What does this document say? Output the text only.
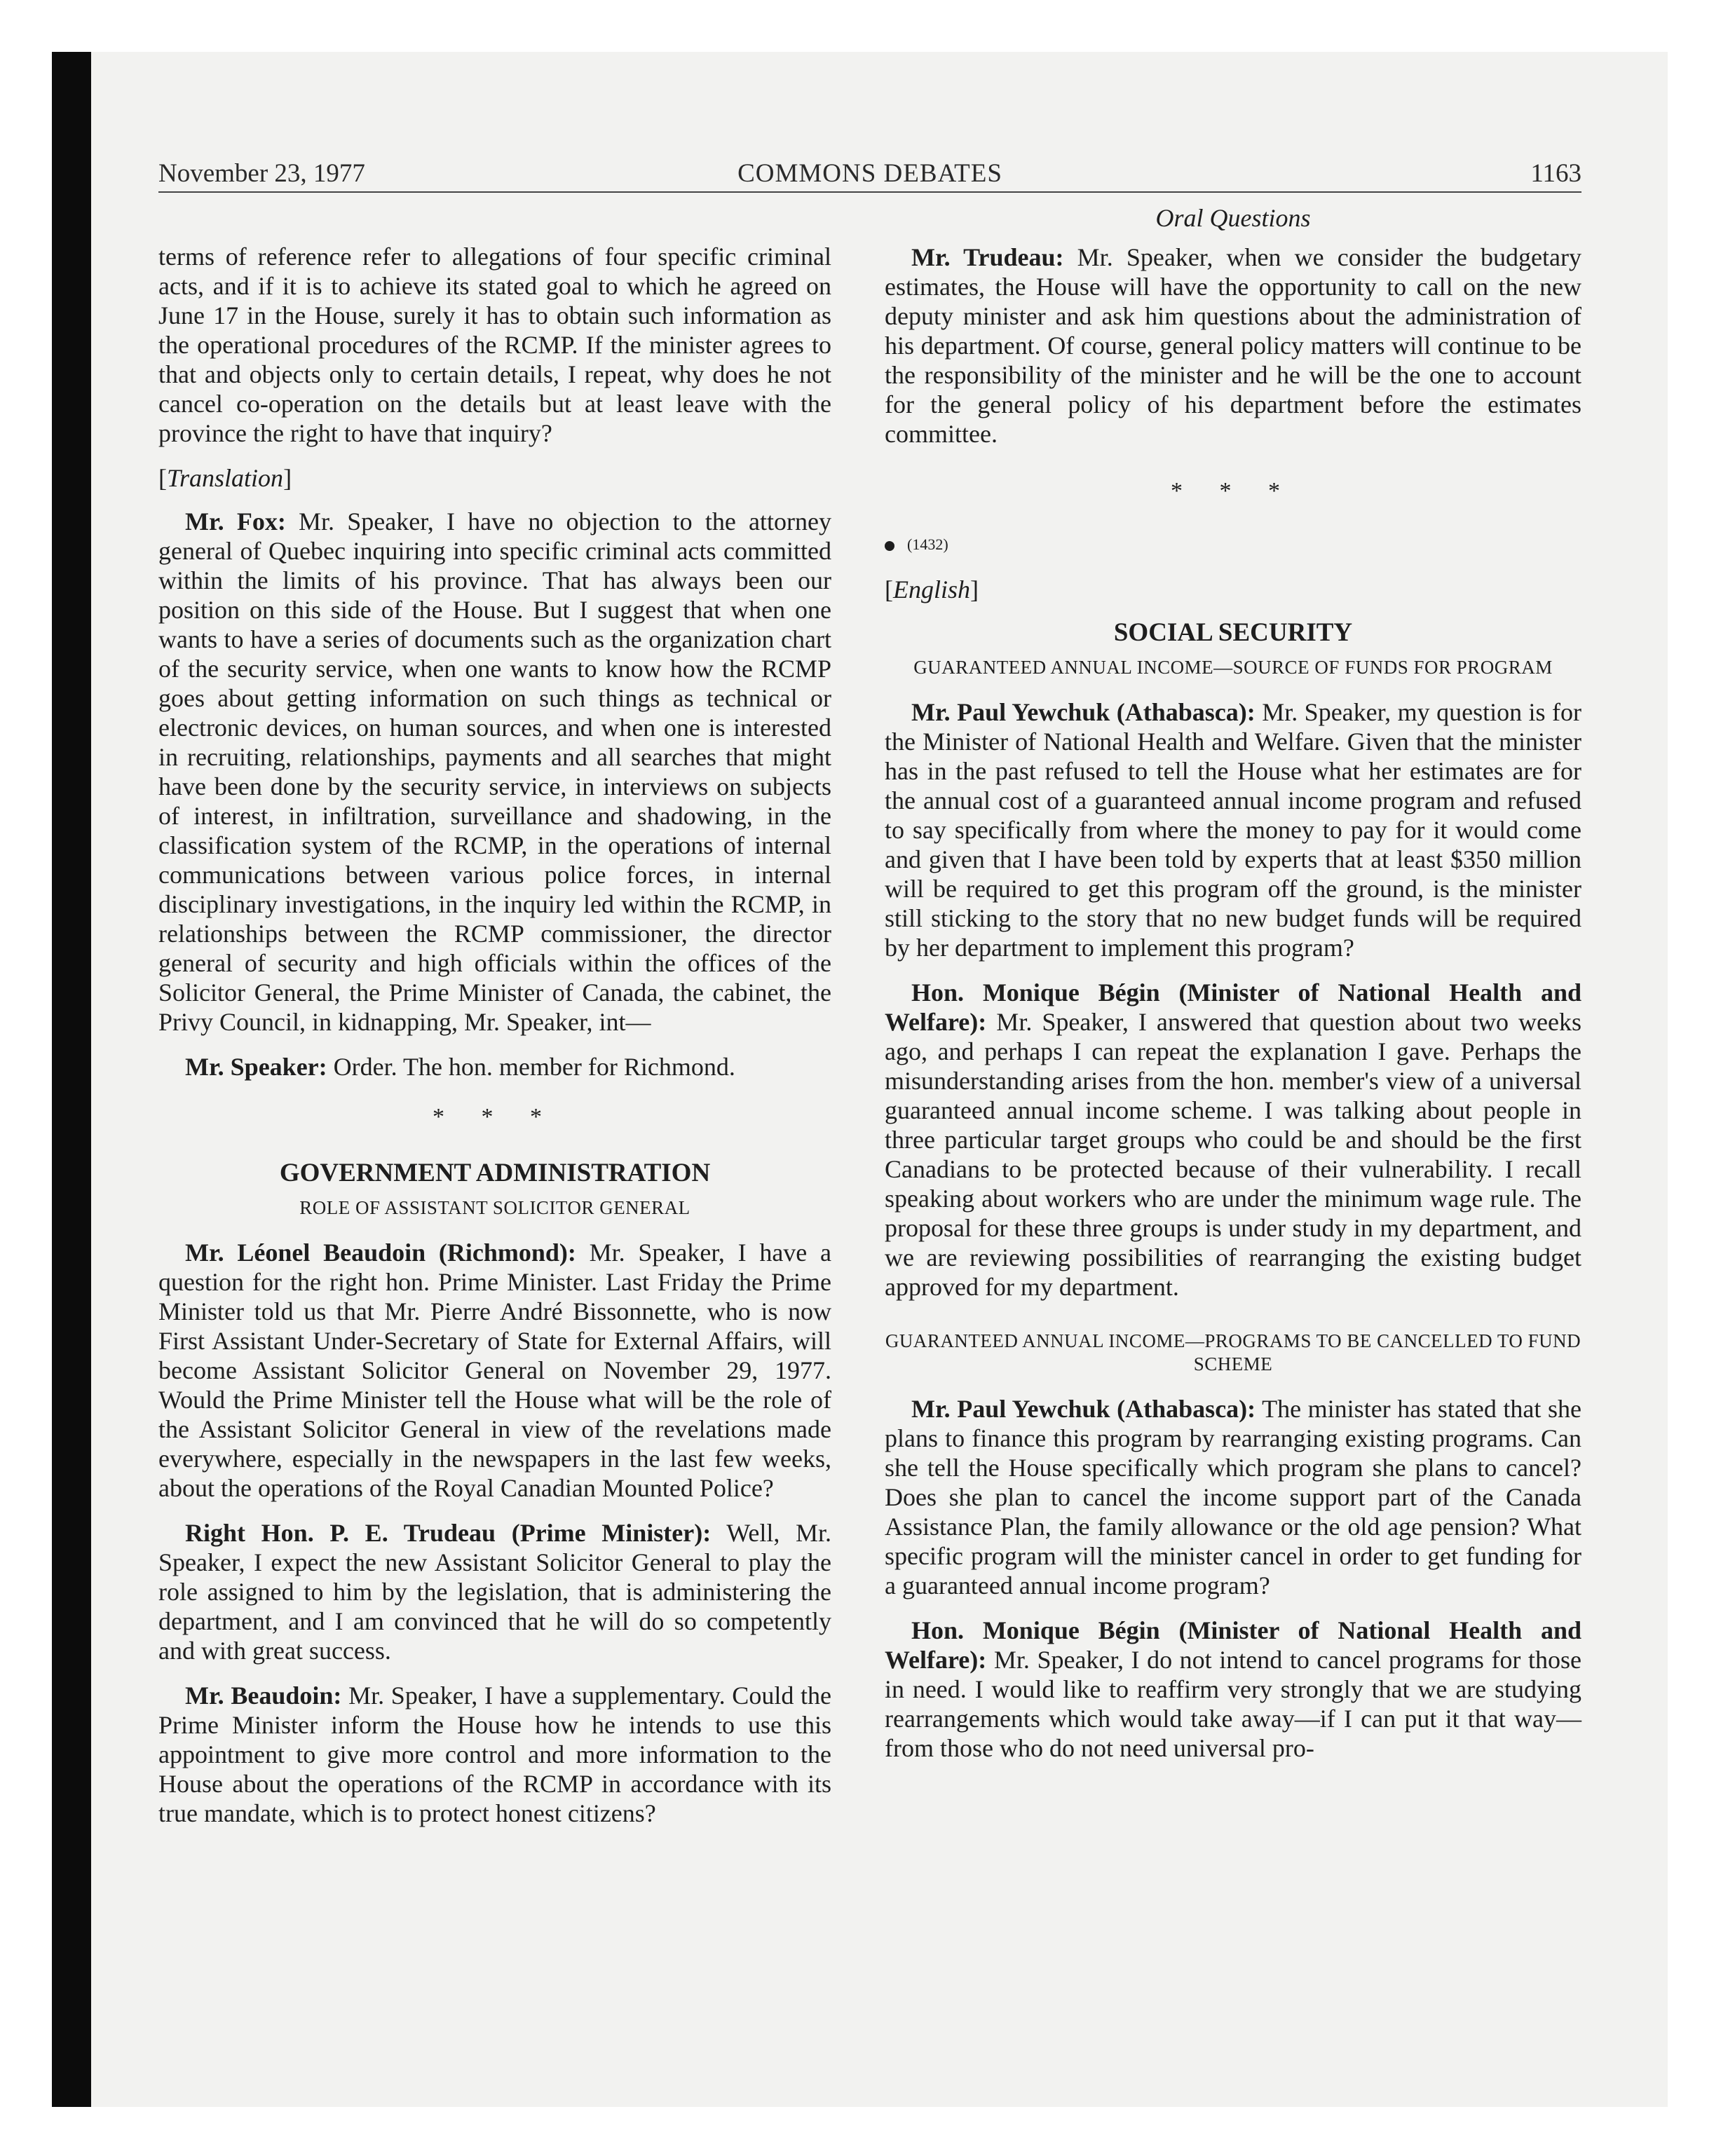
November 23, 1977	COMMONS DEBATES	1163

terms of reference refer to allegations of four specific criminal acts, and if it is to achieve its stated goal to which he agreed on June 17 in the House, surely it has to obtain such information as the operational procedures of the RCMP. If the minister agrees to that and objects only to certain details, I repeat, why does he not cancel co-operation on the details but at least leave with the province the right to have that inquiry?

[Translation]

Mr. Fox: Mr. Speaker, I have no objection to the attorney general of Quebec inquiring into specific criminal acts committed within the limits of his province. That has always been our position on this side of the House. But I suggest that when one wants to have a series of documents such as the organization chart of the security service, when one wants to know how the RCMP goes about getting information on such things as technical or electronic devices, on human sources, and when one is interested in recruiting, relationships, payments and all searches that might have been done by the security service, in interviews on subjects of interest, in infiltration, surveillance and shadowing, in the classification system of the RCMP, in the operations of internal communications between various police forces, in internal disciplinary investigations, in the inquiry led within the RCMP, in relationships between the RCMP commissioner, the director general of security and high officials within the offices of the Solicitor General, the Prime Minister of Canada, the cabinet, the Privy Council, in kidnapping, Mr. Speaker, int—

Mr. Speaker: Order. The hon. member for Richmond.

* * *
GOVERNMENT ADMINISTRATION
ROLE OF ASSISTANT SOLICITOR GENERAL

Mr. Léonel Beaudoin (Richmond): Mr. Speaker, I have a question for the right hon. Prime Minister. Last Friday the Prime Minister told us that Mr. Pierre André Bissonnette, who is now First Assistant Under-Secretary of State for External Affairs, will become Assistant Solicitor General on November 29, 1977. Would the Prime Minister tell the House what will be the role of the Assistant Solicitor General in view of the revelations made everywhere, especially in the newspapers in the last few weeks, about the operations of the Royal Canadian Mounted Police?

Right Hon. P. E. Trudeau (Prime Minister): Well, Mr. Speaker, I expect the new Assistant Solicitor General to play the role assigned to him by the legislation, that is administering the department, and I am convinced that he will do so competently and with great success.

Mr. Beaudoin: Mr. Speaker, I have a supplementary. Could the Prime Minister inform the House how he intends to use this appointment to give more control and more information to the House about the operations of the RCMP in accordance with its true mandate, which is to protect honest citizens?

Oral Questions

Mr. Trudeau: Mr. Speaker, when we consider the budgetary estimates, the House will have the opportunity to call on the new deputy minister and ask him questions about the administration of his department. Of course, general policy matters will continue to be the responsibility of the minister and he will be the one to account for the general policy of his department before the estimates committee.

* * *
(1432)

[English]

SOCIAL SECURITY
GUARANTEED ANNUAL INCOME—SOURCE OF FUNDS FOR PROGRAM

Mr. Paul Yewchuk (Athabasca): Mr. Speaker, my question is for the Minister of National Health and Welfare. Given that the minister has in the past refused to tell the House what her estimates are for the annual cost of a guaranteed annual income program and refused to say specifically from where the money to pay for it would come and given that I have been told by experts that at least $350 million will be required to get this program off the ground, is the minister still sticking to the story that no new budget funds will be required by her department to implement this program?

Hon. Monique Bégin (Minister of National Health and Welfare): Mr. Speaker, I answered that question about two weeks ago, and perhaps I can repeat the explanation I gave. Perhaps the misunderstanding arises from the hon. member's view of a universal guaranteed annual income scheme. I was talking about people in three particular target groups who could be and should be the first Canadians to be protected because of their vulnerability. I recall speaking about workers who are under the minimum wage rule. The proposal for these three groups is under study in my department, and we are reviewing possibilities of rearranging the existing budget approved for my department.

GUARANTEED ANNUAL INCOME—PROGRAMS TO BE CANCELLED TO FUND SCHEME

Mr. Paul Yewchuk (Athabasca): The minister has stated that she plans to finance this program by rearranging existing programs. Can she tell the House specifically which program she plans to cancel? Does she plan to cancel the income support part of the Canada Assistance Plan, the family allowance or the old age pension? What specific program will the minister cancel in order to get funding for a guaranteed annual income program?

Hon. Monique Bégin (Minister of National Health and Welfare): Mr. Speaker, I do not intend to cancel programs for those in need. I would like to reaffirm very strongly that we are studying rearrangements which would take away—if I can put it that way—from those who do not need universal pro-
